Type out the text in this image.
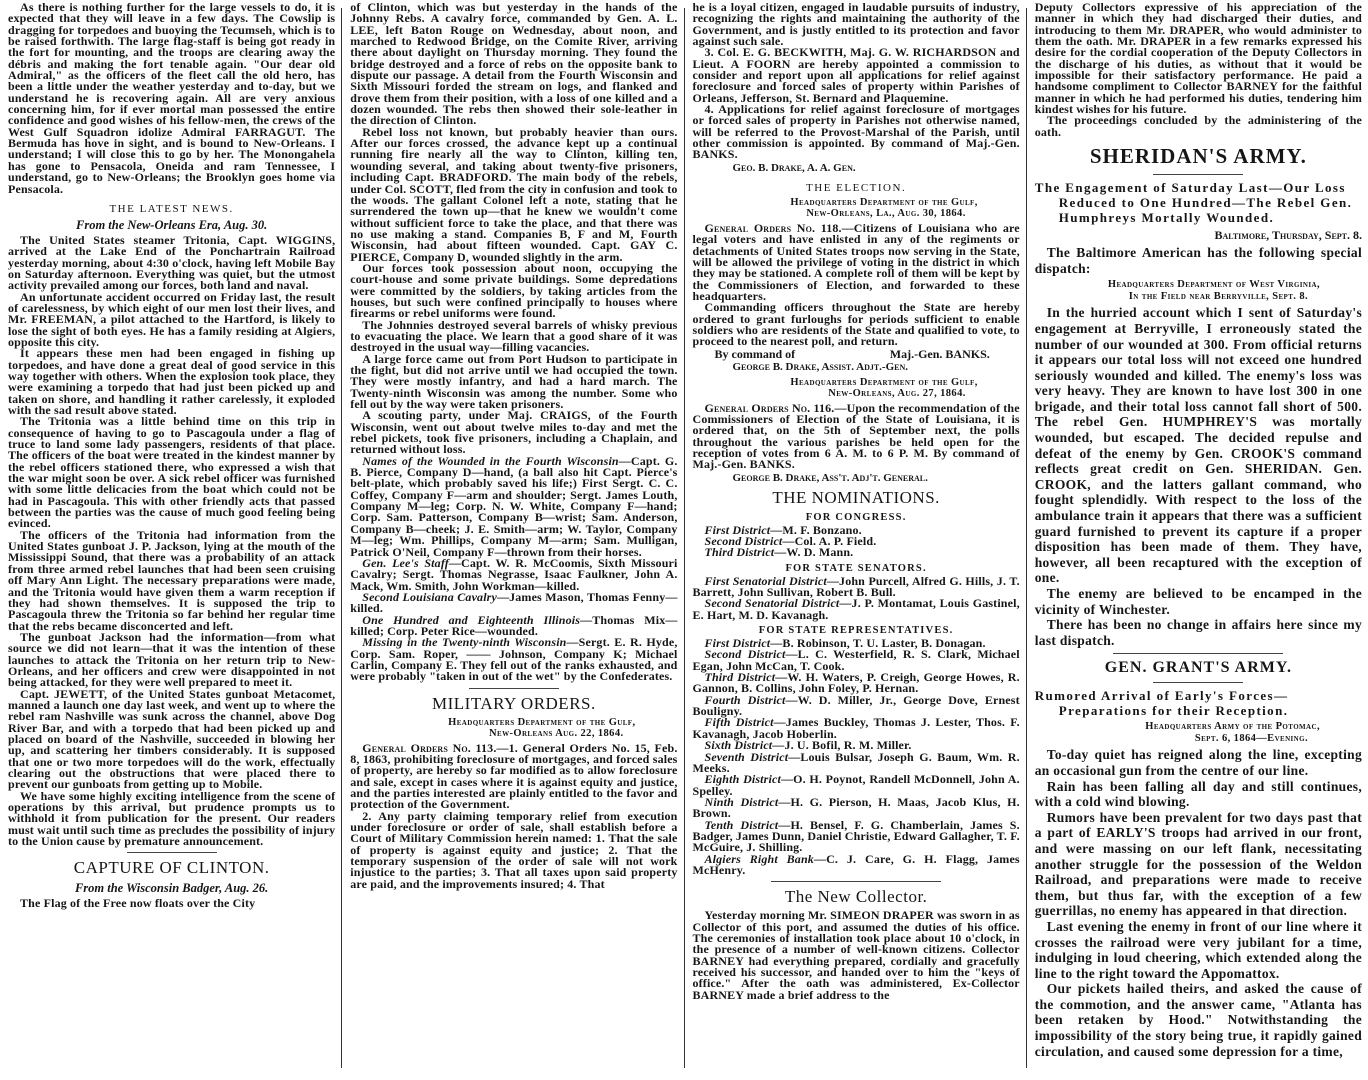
As there is nothing further for the large vessels to do, it is expected that they will leave in a few days. The Cowslip is dragging for torpedoes and buoying the Tecumseh, which is to be raised forthwith. The large flag-staff is being got ready in the fort for mounting, and the troops are clearing away the débris and making the fort tenable again. "Our dear old Admiral," as the officers of the fleet call the old hero, has been a little under the weather yesterday and to-day, but we understand he is recovering again. All are very anxious concerning him, for if ever mortal man possessed the entire confidence and good wishes of his fellow-men, the crews of the West Gulf Squadron idolize Admiral FARRAGUT. The Bermuda has hove in sight, and is bound to New-Orleans. I understand; I will close this to go by her. The Monongahela has gone to Pensacola, Oneida and ram Tennessee, I understand, go to New-Orleans; the Brooklyn goes home via Pensacola.

THE LATEST NEWS.
From the New-Orleans Era, Aug. 30.

The United States steamer Tritonia, Capt. WIGGINS, arrived at the Lake End of the Ponchartrain Railroad yesterday morning, about 4:30 o'clock, having left Mobile Bay on Saturday afternoon. Everything was quiet, but the utmost activity prevailed among our forces, both land and naval.

An unfortunate accident occurred on Friday last, the result of carelessness, by which eight of our men lost their lives, and Mr. FREEMAN, a pilot attached to the Hartford, is likely to lose the sight of both eyes. He has a family residing at Algiers, opposite this city.

It appears these men had been engaged in fishing up torpedoes, and have done a great deal of good service in this way together with others. When the explosion took place, they were examining a torpedo that had just been picked up and taken on shore, and handling it rather carelessly, it exploded with the sad result above stated.

The Tritonia was a little behind time on this trip in consequence of having to go to Pascagoula under a flag of truce to land some lady passengers, residents of that place. The officers of the boat were treated in the kindest manner by the rebel officers stationed there, who expressed a wish that the war might soon be over. A sick rebel officer was furnished with some little delicacies from the boat which could not be had in Pascagoula. This with other friendly acts that passed between the parties was the cause of much good feeling being evinced.

The officers of the Tritonia had information from the United States gunboat J. P. Jackson, lying at the mouth of the Mississippi Sound, that there was a probability of an attack from three armed rebel launches that had been seen cruising off Mary Ann Light. The necessary preparations were made, and the Tritonia would have given them a warm reception if they had shown themselves. It is supposed the trip to Pascagoula threw the Tritonia so far behind her regular time that the rebs became disconcerted and left.

The gunboat Jackson had the information—from what source we did not learn—that it was the intention of these launches to attack the Tritonia on her return trip to New-Orleans, and her officers and crew were disappointed in not being attacked, for they were well prepared to meet it.

Capt. JEWETT, of the United States gunboat Metacomet, manned a launch one day last week, and went up to where the rebel ram Nashville was sunk across the channel, above Dog River Bar, and with a torpedo that had been picked up and placed on board of the Nashville, succeeded in blowing her up, and scattering her timbers considerably. It is supposed that one or two more torpedoes will do the work, effectually clearing out the obstructions that were placed there to prevent our gunboats from getting up to Mobile.

We have some highly exciting intelligence from the scene of operations by this arrival, but prudence prompts us to withhold it from publication for the present. Our readers must wait until such time as precludes the possibility of injury to the Union cause by premature announcement.

CAPTURE OF CLINTON.
From the Wisconsin Badger, Aug. 26.

The Flag of the Free now floats over the City

of Clinton, which was but yesterday in the hands of the Johnny Rebs. A cavalry force, commanded by Gen. A. L. LEE, left Baton Rouge on Wednesday, about noon, and marched to Redwood Bridge, on the Comite River, arriving there about daylight on Thursday morning. They found the bridge destroyed and a force of rebs on the opposite bank to dispute our passage. A detail from the Fourth Wisconsin and Sixth Missouri forded the stream on logs, and flanked and drove them from their position, with a loss of one killed and a dozen wounded. The rebs then showed their sole-leather in the direction of Clinton.

Rebel loss not known, but probably heavier than ours. After our forces crossed, the advance kept up a continual running fire nearly all the way to Clinton, killing ten, wounding several, and taking about twenty-five prisoners, including Capt. BRADFORD. The main body of the rebels, under Col. SCOTT, fled from the city in confusion and took to the woods. The gallant Colonel left a note, stating that he surrendered the town up—that he knew we wouldn't come without sufficient force to take the place, and that there was no use making a stand. Companies B, F and M, Fourth Wisconsin, had about fifteen wounded. Capt. GAY C. PIERCE, Company D, wounded slightly in the arm.

Our forces took possession about noon, occupying the court-house and some private buildings. Some depredations were committed by the soldiers, by taking articles from the houses, but such were confined principally to houses where firearms or rebel uniforms were found.

The Johnnies destroyed several barrels of whisky previous to evacuating the place. We learn that a good share of it was destroyed in the usual way—filling vacancies.

A large force came out from Port Hudson to participate in the fight, but did not arrive until we had occupied the town. They were mostly infantry, and had a hard march. The Twenty-ninth Wisconsin was among the number. Some who fell out by the way were taken prisoners.

A scouting party, under Maj. CRAIGS, of the Fourth Wisconsin, went out about twelve miles to-day and met the rebel pickets, took five prisoners, including a Chaplain, and returned without loss.

Names of the Wounded in the Fourth Wisconsin—Capt. G. B. Pierce, Company D—hand, (a ball also hit Capt. Pierce's belt-plate, which probably saved his life;) First Sergt. C. C. Coffey, Company F—arm and shoulder; Sergt. James Louth, Company M—leg; Corp. N. W. White, Company F—hand; Corp. Sam. Patterson, Company B—wrist; Sam. Anderson, Company B—cheek; J. E. Smith—arm; W. Taylor, Company M—leg; Wm. Phillips, Company M—arm; Sam. Mulligan, Patrick O'Neil, Company F—thrown from their horses.

Gen. Lee's Staff—Capt. W. R. McCoomis, Sixth Missouri Cavalry; Sergt. Thomas Negrasse, Isaac Faulkner, John A. Mack, Wm. Smith, John Workman—killed.

Second Louisiana Cavalry—James Mason, Thomas Fenny—killed.

One Hundred and Eighteenth Illinois—Thomas Mix—killed; Corp. Peter Rice—wounded.

Missing in the Twenty-ninth Wisconsin—Sergt. E. R. Hyde, Corp. Sam. Roper, —— Johnson, Company K; Michael Carlin, Company E. They fell out of the ranks exhausted, and were probably "taken in out of the wet" by the Confederates.

MILITARY ORDERS.
Headquarters Department of the Gulf,
New-Orleans Aug. 22, 1864.

General Orders No. 113.—1. General Orders No. 15, Feb. 8, 1863, prohibiting foreclosure of mortgages, and forced sales of property, are hereby so far modified as to allow foreclosure and sale, except in cases where it is against equity and justice, and the parties interested are plainly entitled to the favor and protection of the Government.

2. Any party claiming temporary relief from execution under foreclosure or order of sale, shall establish before a Court of Military Commission herein named: 1. That the sale of property is against equity and justice; 2. That the temporary suspension of the order of sale will not work injustice to the parties; 3. That all taxes upon said property are paid, and the improvements insured; 4. That

he is a loyal citizen, engaged in laudable pursuits of industry, recognizing the rights and maintaining the authority of the Government, and is justly entitled to its protection and favor against such sale.

3. Col. E. G. BECKWITH, Maj. G. W. RICHARDSON and Lieut. A FOORN are hereby appointed a commission to consider and report upon all applications for relief against foreclosure and forced sales of property within Parishes of Orleans, Jefferson, St. Bernard and Plaquemine.

4. Applications for relief against foreclosure of mortgages or forced sales of property in Parishes not otherwise named, will be referred to the Provost-Marshal of the Parish, until other commission is appointed. By command of Maj.-Gen. BANKS.

Geo. B. Drake, A. A. Gen.
THE ELECTION.
Headquarters Department of the Gulf,
New-Orleans, La., Aug. 30, 1864.

General Orders No. 118.—Citizens of Louisiana who are legal voters and have enlisted in any of the regiments or detachments of United States troops now serving in the State, will be allowed the privilege of voting in the district in which they may be stationed. A complete roll of them will be kept by the Commissioners of Election, and forwarded to these headquarters.

Commanding officers throughout the State are hereby ordered to grant furloughs for periods sufficient to enable soldiers who are residents of the State and qualified to vote, to proceed to the nearest poll, and return.

By command of	Maj.-Gen. BANKS.
George B. Drake, Assist. Adjt.-Gen.
Headquarters Department of the Gulf,
New-Orleans, Aug. 27, 1864.

General Orders No. 116.—Upon the recommendation of the Commissioners of Election of the State of Louisiana, it is ordered that, on the 5th of September next, the polls throughout the various parishes be held open for the reception of votes from 6 A. M. to 6 P. M. By command of Maj.-Gen. BANKS.

George B. Drake, Ass't. Adj't. General.
THE NOMINATIONS.
FOR CONGRESS.

First District—M. F. Bonzano.

Second District—Col. A. P. Field.

Third District—W. D. Mann.

FOR STATE SENATORS.

First Senatorial District—John Purcell, Alfred G. Hills, J. T. Barrett, John Sullivan, Robert B. Bull.

Second Senatorial District—J. P. Montamat, Louis Gastinel, E. Hart, M. D. Kavanagh.

FOR STATE REPRESENTATIVES.

First District—B. Robinson, T. U. Laster, B. Donagan.

Second District—L. C. Westerfield, R. S. Clark, Michael Egan, John McCan, T. Cook.

Third District—W. H. Waters, P. Creigh, George Howes, R. Gannon, B. Collins, John Foley, P. Hernan.

Fourth District—W. D. Miller, Jr., George Dove, Ernest Bouligny.

Fifth District—James Buckley, Thomas J. Lester, Thos. F. Kavanagh, Jacob Hoberlin.

Sixth District—J. U. Bofil, R. M. Miller.

Seventh District—Louis Bulsar, Joseph G. Baum, Wm. R. Meeks.

Eighth District—O. H. Poynot, Randell McDonnell, John A. Spelley.

Ninth District—H. G. Pierson, H. Maas, Jacob Klus, H. Brown.

Tenth District—H. Bensel, F. G. Chamberlain, James S. Badger, James Dunn, Daniel Christie, Edward Gallagher, T. F. McGuire, J. Shilling.

Algiers Right Bank—C. J. Care, G. H. Flagg, James McHenry.

The New Collector.

Yesterday morning Mr. SIMEON DRAPER was sworn in as Collector of this port, and assumed the duties of his office. The ceremonies of installation took place about 10 o'clock, in the presence of a number of well-known citizens. Collector BARNEY had everything prepared, cordially and gracefully received his successor, and handed over to him the "keys of office." After the oath was administered, Ex-Collector BARNEY made a brief address to the

Deputy Collectors expressive of his appreciation of the manner in which they had discharged their duties, and introducing to them Mr. DRAPER, who would administer to them the oath. Mr. DRAPER in a few remarks expressed his desire for the cordial cooperation of the Deputy Collectors in the discharge of his duties, as without that it would be impossible for their satisfactory performance. He paid a handsome compliment to Collector BARNEY for the faithful manner in which he had performed his duties, tendering him kindest wishes for his future.

The proceedings concluded by the administering of the oath.

SHERIDAN'S ARMY.
The Engagement of Saturday Last—Our Loss Reduced to One Hundred—The Rebel Gen. Humphreys Mortally Wounded.
Baltimore, Thursday, Sept. 8.

The Baltimore American has the following special dispatch:

Headquarters Department of West Virginia,
In the Field near Berryville, Sept. 8.

In the hurried account which I sent of Saturday's engagement at Berryville, I erroneously stated the number of our wounded at 300. From official returns it appears our total loss will not exceed one hundred seriously wounded and killed. The enemy's loss was very heavy. They are known to have lost 300 in one brigade, and their total loss cannot fall short of 500. The rebel Gen. HUMPHREY'S was mortally wounded, but escaped. The decided repulse and defeat of the enemy by Gen. CROOK'S command reflects great credit on Gen. SHERIDAN. Gen. CROOK, and the latters gallant command, who fought splendidly. With respect to the loss of the ambulance train it appears that there was a sufficient guard furnished to prevent its capture if a proper disposition has been made of them. They have, however, all been recaptured with the exception of one.

The enemy are believed to be encamped in the vicinity of Winchester.

There has been no change in affairs here since my last dispatch.

GEN. GRANT'S ARMY.
Rumored Arrival of Early's Forces—Preparations for their Reception.
Headquarters Army of the Potomac,
Sept. 6, 1864—Evening.

To-day quiet has reigned along the line, excepting an occasional gun from the centre of our line.

Rain has been falling all day and still continues, with a cold wind blowing.

Rumors have been prevalent for two days past that a part of EARLY'S troops had arrived in our front, and were massing on our left flank, necessitating another struggle for the possession of the Weldon Railroad, and preparations were made to receive them, but thus far, with the exception of a few guerrillas, no enemy has appeared in that direction.

Last evening the enemy in front of our line where it crosses the railroad were very jubilant for a time, indulging in loud cheering, which extended along the line to the right toward the Appomattox.

Our pickets hailed theirs, and asked the cause of the commotion, and the answer came, "Atlanta has been retaken by Hood." Notwithstanding the impossibility of the story being true, it rapidly gained circulation, and caused some depression for a time,
